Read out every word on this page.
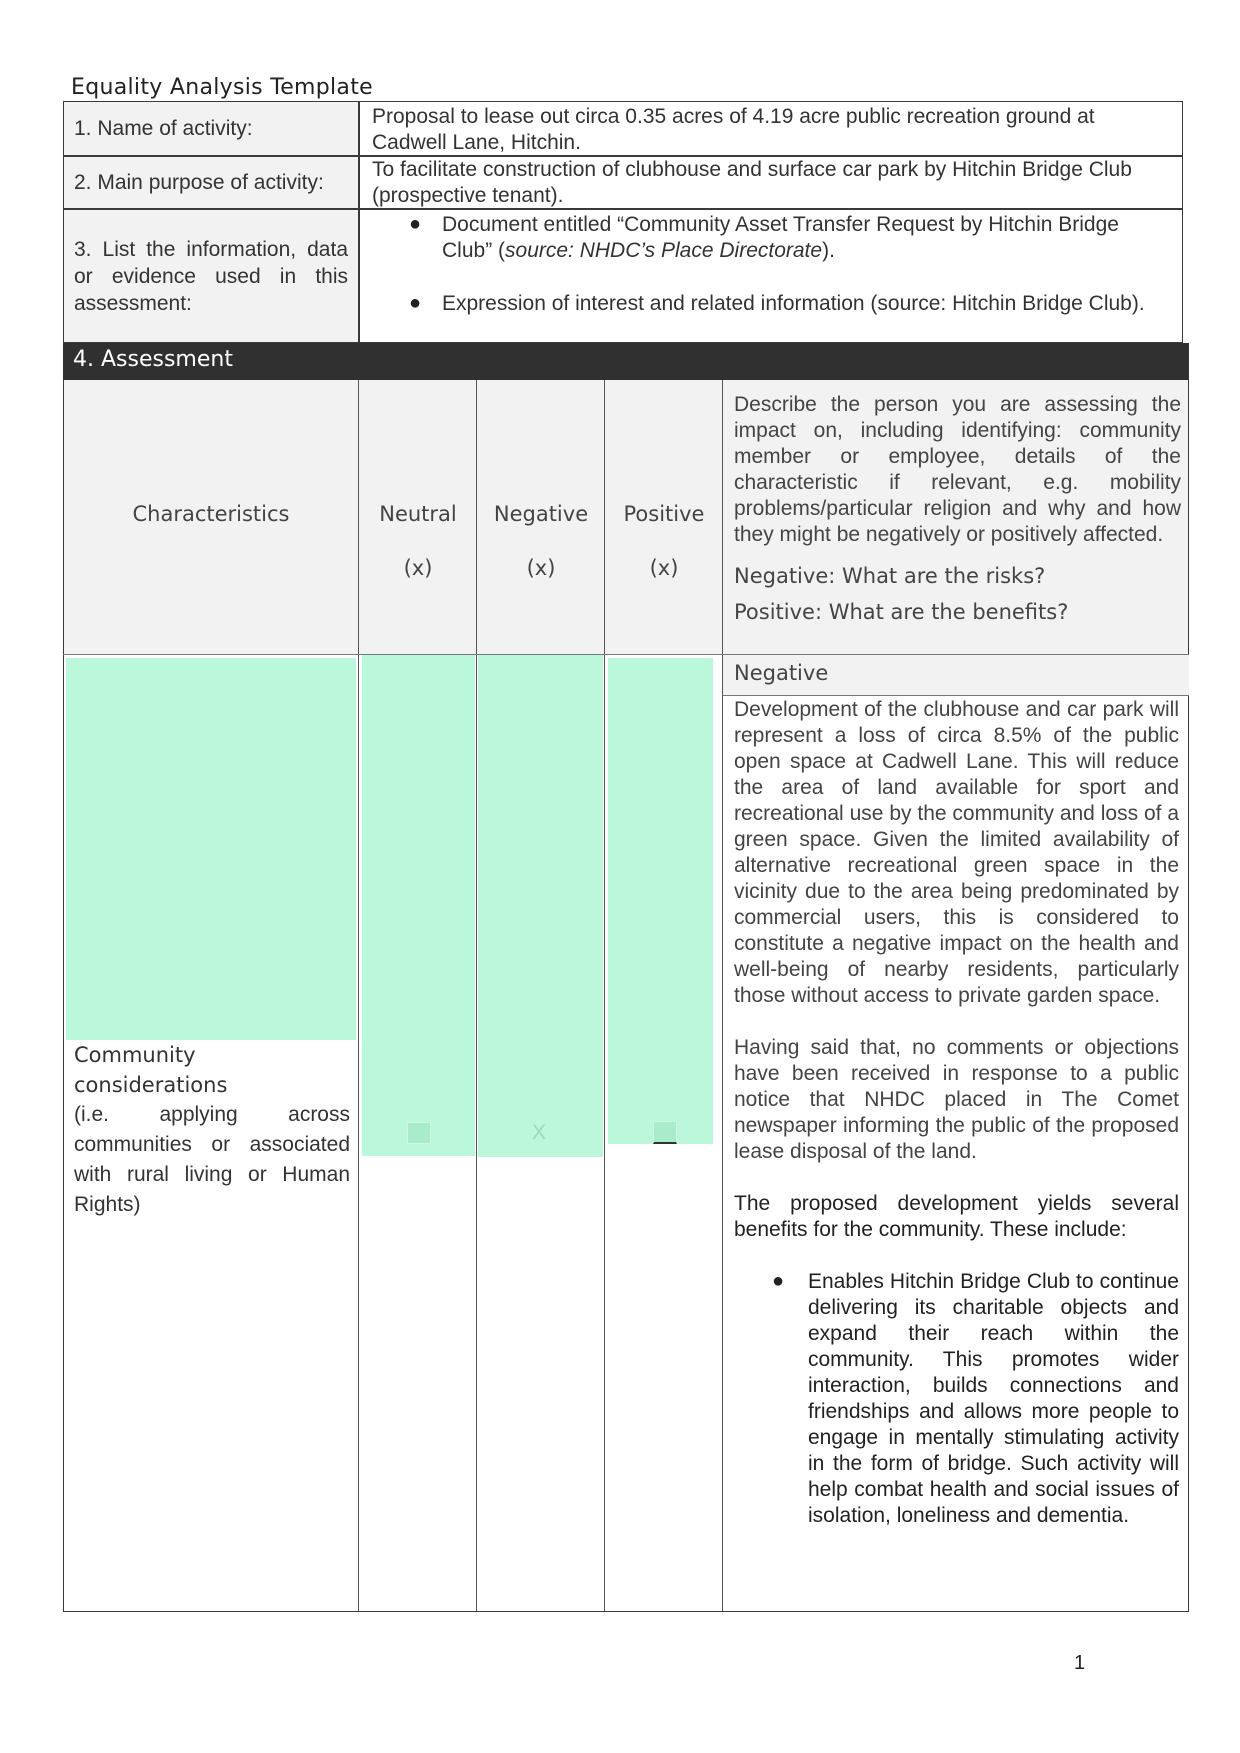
Equality Analysis Template
1. Name of activity:	Proposal to lease out circa 0.35 acres of 4.19 acre public recreation ground at Cadwell Lane, Hitchin.
2. Main purpose of activity:
To facilitate construction of clubhouse and surface car park by Hitchin Bridge Club (prospective tenant).
3. List the information, data or evidence used in this assessment:
● Document entitled “Community Asset Transfer Request by Hitchin Bridge Club” (source: NHDC’s Place Directorate).
● Expression of interest and related information (source: Hitchin Bridge Club).
4. Assessment
Characteristics	Neutral
(x)
Negative
(x)
Positive
(x)
Describe the person you are assessing the impact on, including identifying: community member or employee, details of the characteristic if relevant, e.g. mobility problems/particular religion and why and how they might be negatively or positively affected.
Negative: What are the risks?
Positive: What are the benefits?
X
Negative
Community
considerations
(i.e. applying across communities or associated with rural living or Human Rights)
Development of the clubhouse and car park will represent a loss of circa 8.5% of the public open space at Cadwell Lane. This will reduce the area of land available for sport and recreational use by the community and loss of a green space. Given the limited availability of alternative recreational green space in the vicinity due to the area being predominated by commercial users, this is considered to constitute a negative impact on the health and well-being of nearby residents, particularly those without access to private garden space.
Having said that, no comments or objections have been received in response to a public notice that NHDC placed in The Comet newspaper informing the public of the proposed lease disposal of the land.
The proposed development yields several benefits for the community. These include:
● Enables Hitchin Bridge Club to continue delivering its charitable objects and expand their reach within the community. This promotes wider interaction, builds connections and friendships and allows more people to engage in mentally stimulating activity in the form of bridge. Such activity will help combat health and social issues of isolation, loneliness and dementia.
1
